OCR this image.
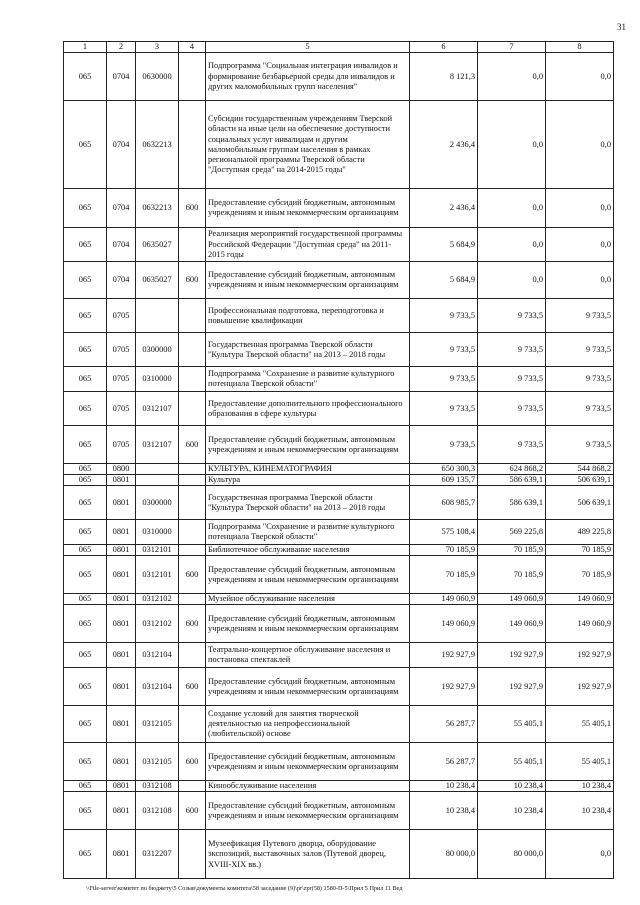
31
1	2	3	4	5	6	7	8
065	0704	0630000		Подпрограмма "Социальная интеграция инвалидов и формирование безбарьерной среды для инвалидов и других маломобильных групп населения"	8 121,3	0,0	0,0
065	0704	0632213		Субсидии государственным учреждениям Тверской области на иные цели на обеспечение доступности социальных услуг инвалидам и другим маломобильным группам населения в рамках региональной программы Тверской области "Доступная среда" на 2014-2015 годы"	2 436,4	0,0	0,0
065	0704	0632213	600	Предоставление субсидий бюджетным, автономным учреждениям и иным некоммерческим организациям	2 436,4	0,0	0,0
065	0704	0635027		Реализация мероприятий государственной программы Российской Федерации "Доступная среда" на 2011-2015 годы	5 684,9	0,0	0,0
065	0704	0635027	600	Предоставление субсидий бюджетным, автономным учреждениям и иным некоммерческим организациям	5 684,9	0,0	0,0
065	0705			Профессиональная подготовка, переподготовка и повышение квалификации	9 733,5	9 733,5	9 733,5
065	0705	0300000		Государственная программа Тверской области "Культура Тверской области" на 2013 – 2018 годы	9 733,5	9 733,5	9 733,5
065	0705	0310000		Подпрограмма "Сохранение и развитие культурного потенциала Тверской области"	9 733,5	9 733,5	9 733,5
065	0705	0312107		Предоставление дополнительного профессионального образования в сфере культуры	9 733,5	9 733,5	9 733,5
065	0705	0312107	600	Предоставление субсидий бюджетным, автономным учреждениям и иным некоммерческим организациям	9 733,5	9 733,5	9 733,5
065	0800			КУЛЬТУРА, КИНЕМАТОГРАФИЯ	650 300,3	624 868,2	544 868,2
065	0801			Культура	609 135,7	586 639,1	506 639,1
065	0801	0300000		Государственная программа Тверской области "Культура Тверской области" на 2013 – 2018 годы	608 985,7	586 639,1	506 639,1
065	0801	0310000		Подпрограмма "Сохранение и развитие культурного потенциала Тверской области"	575 108,4	569 225,8	489 225,8
065	0801	0312101		Библиотечное обслуживание населения	70 185,9	70 185,9	70 185,9
065	0801	0312101	600	Предоставление субсидий бюджетным, автономным учреждениям и иным некоммерческим организациям	70 185,9	70 185,9	70 185,9
065	0801	0312102		Музейное обслуживание населения	149 060,9	149 060,9	149 060,9
065	0801	0312102	600	Предоставление субсидий бюджетным, автономным учреждениям и иным некоммерческим организациям	149 060,9	149 060,9	149 060,9
065	0801	0312104		Театрально-концертное обслуживание населения и постановка спектаклей	192 927,9	192 927,9	192 927,9
065	0801	0312104	600	Предоставление субсидий бюджетным, автономным учреждениям и иным некоммерческим организациям	192 927,9	192 927,9	192 927,9
065	0801	0312105		Создание условий для занятия творческой деятельностью на непрофессиональной (любительской) основе	56 287,7	55 405,1	55 405,1
065	0801	0312105	600	Предоставление субсидий бюджетным, автономным учреждениям и иным некоммерческим организациям	56 287,7	55 405,1	55 405,1
065	0801	0312108		Кинообслуживание населения	10 238,4	10 238,4	10 238,4
065	0801	0312108	600	Предоставление субсидий бюджетным, автономным учреждениям и иным некоммерческим организациям	10 238,4	10 238,4	10 238,4
065	0801	0312207		Музеефикация Путевого дворца, оборудование экспозиций, выставочных залов (Путевой дворец, XVIII-XIX вв.)	80 000,0	80 000,0	0,0
\\File-server\комитет по бюджету\5 Созыв\документы комитета\58 заседание (9)\pr\zpr(58) 1580-П-5\Прил 5 Прил 11 Вед
